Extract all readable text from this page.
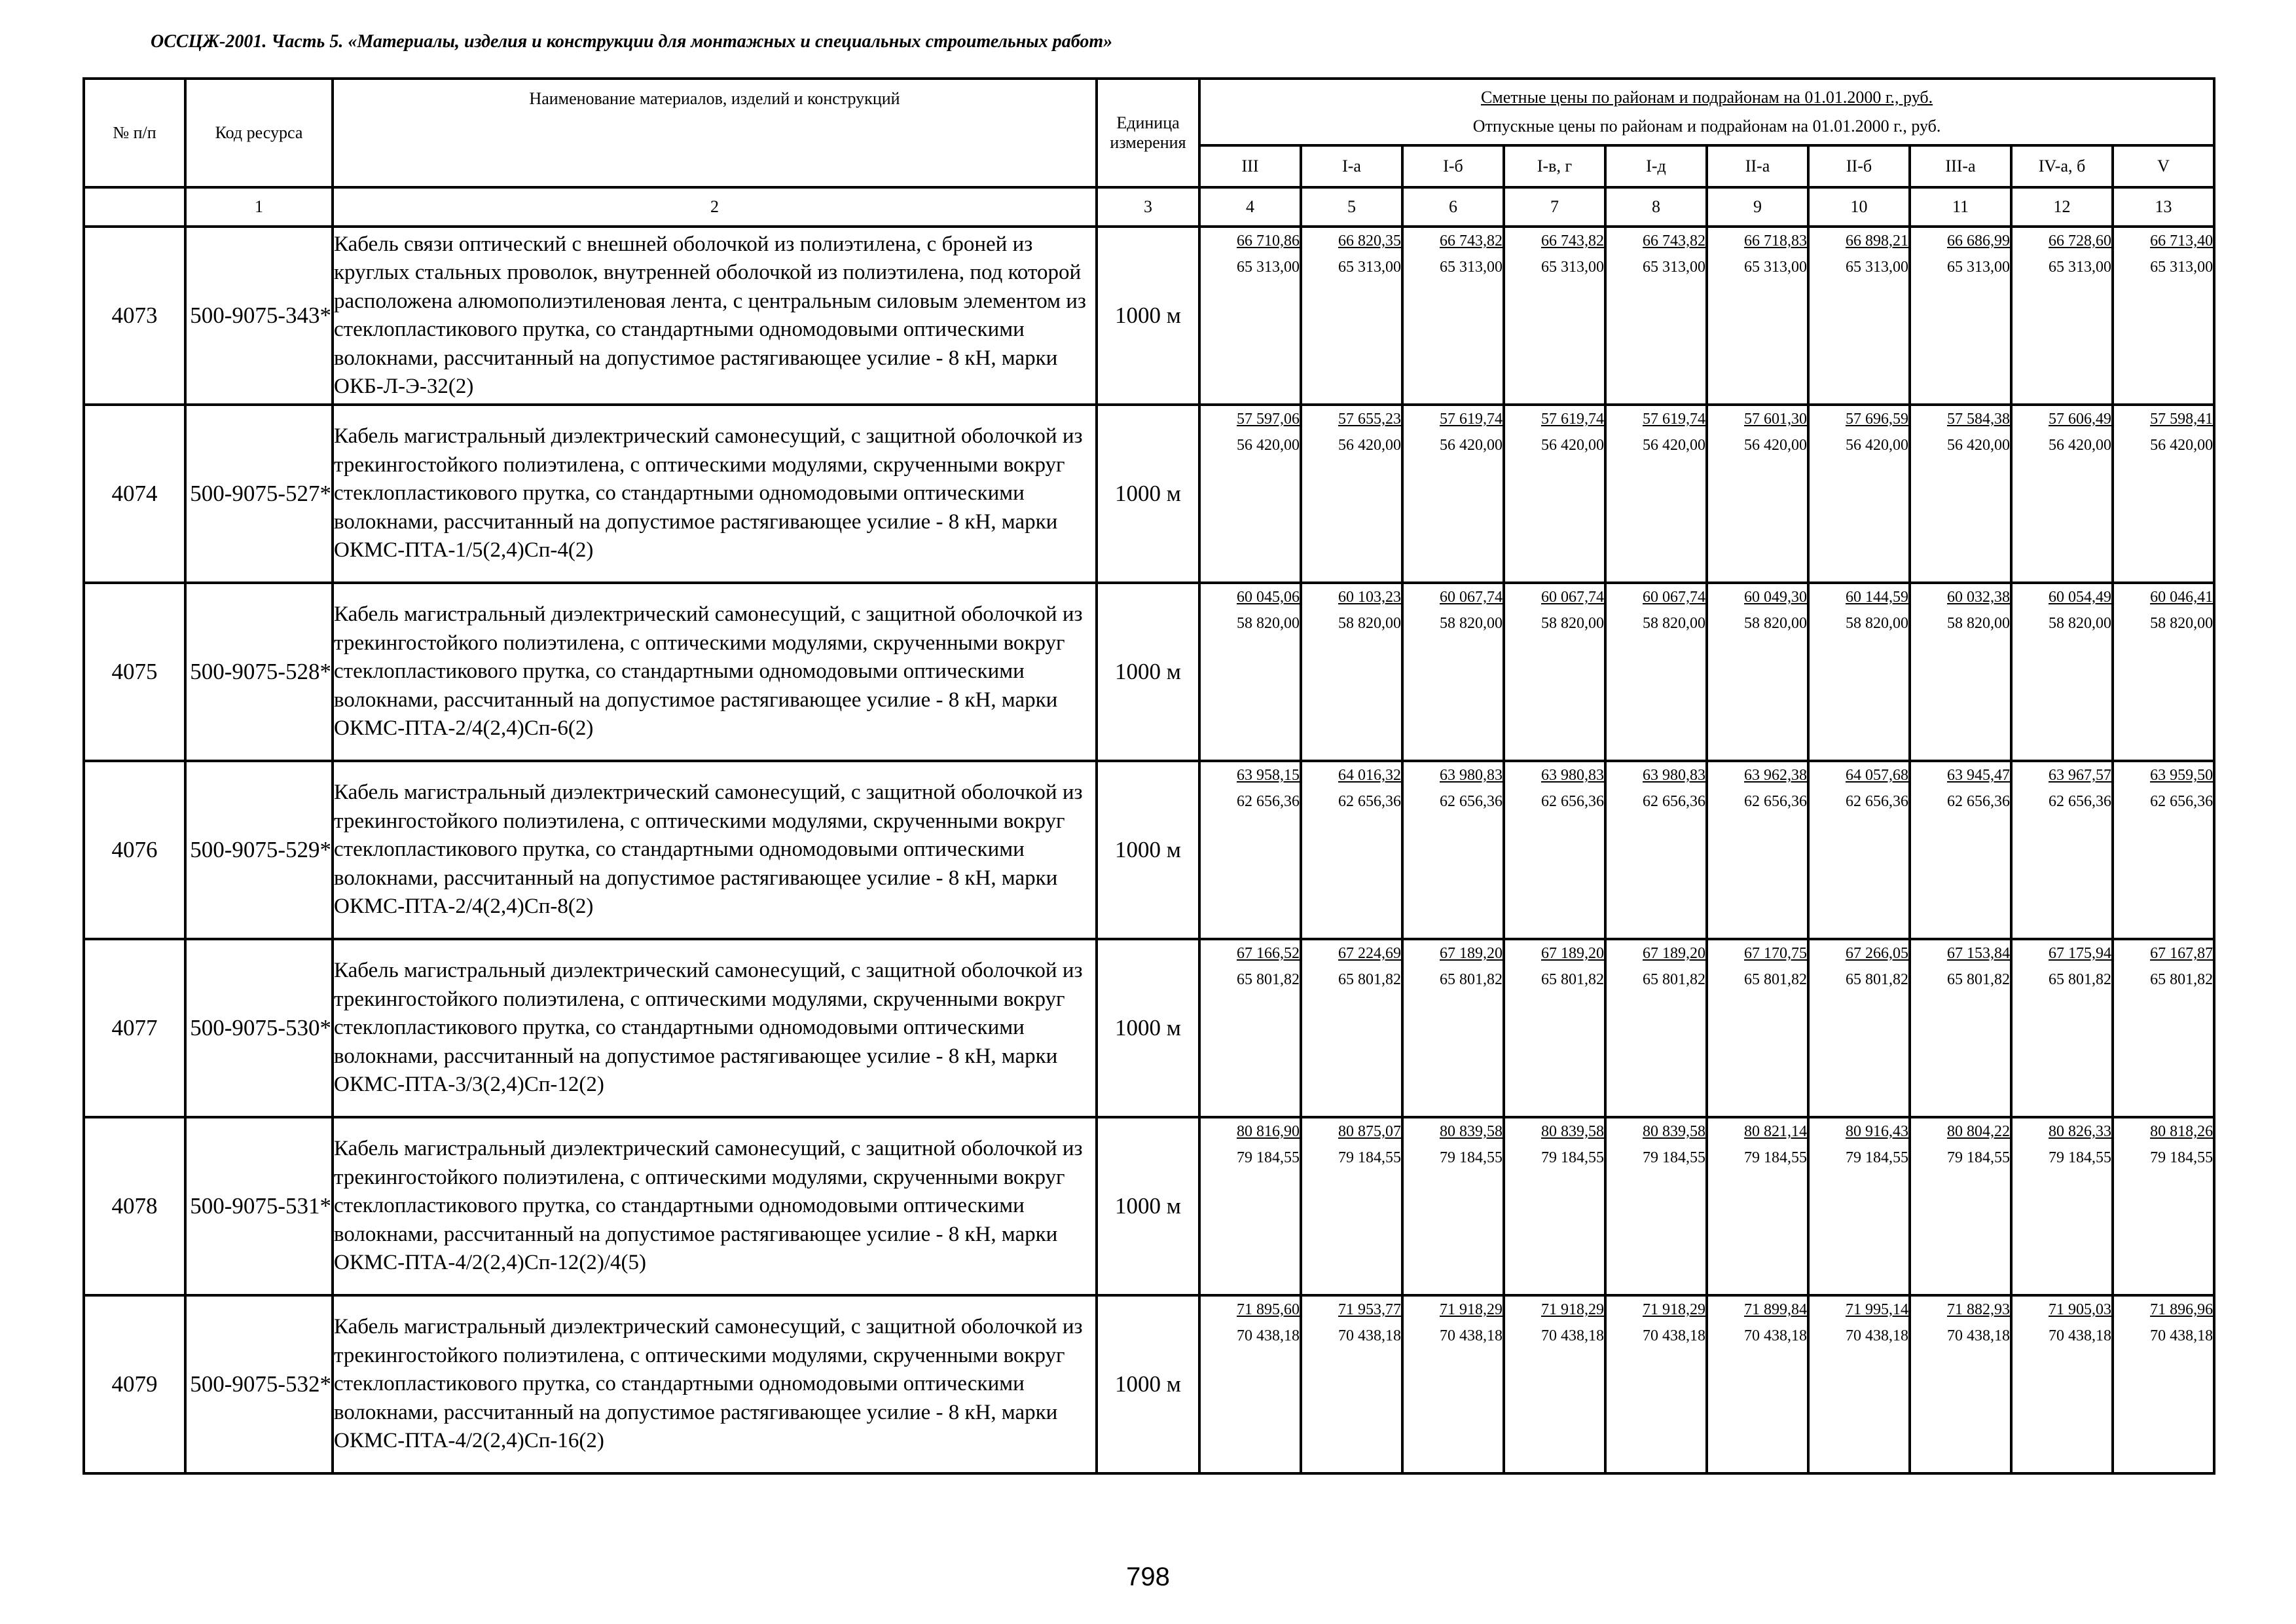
ОССЦЖ-2001. Часть 5. «Материалы, изделия и конструкции для монтажных и специальных строительных работ»
№ п/п	Код ресурса	Наименование материалов, изделий и конструкций	Единица измерения	Сметные цены по районам и подрайонам на 01.01.2000 г., руб.
Отпускные цены по районам и подрайонам на 01.01.2000 г., руб.									

				III	I-а	I-б	I-в, г	I-д	II-а	II-б	III-а	IV-а, б	V
	1	2	3	4	5	6	7	8	9	10	11	12	13
4073	500-9075-343*	Кабель связи оптический с внешней оболочкой из полиэтилена, с броней из круглых стальных проволок, внутренней оболочкой из полиэтилена, под которой расположена алюмополиэтиленовая лента, с центральным силовым элементом из стеклопластикового прутка, со стандартными одномодовыми оптическими волокнами, рассчитанный на допустимое растягивающее усилие - 8 кН, марки ОКБ-Л-Э-32(2)	1000 м	66 710,86
65 313,00	66 820,35
65 313,00	66 743,82
65 313,00	66 743,82
65 313,00	66 743,82
65 313,00	66 718,83
65 313,00	66 898,21
65 313,00	66 686,99
65 313,00	66 728,60
65 313,00	66 713,40
65 313,00

4074	500-9075-527*	Кабель магистральный диэлектрический самонесущий, с защитной оболочкой из трекингостойкого полиэтилена, с оптическими модулями, скрученными вокруг стеклопластикового прутка, со стандартными одномодовыми оптическими волокнами, рассчитанный на допустимое растягивающее усилие - 8 кН, марки ОКМС-ПТА-1/5(2,4)Сп-4(2)	1000 м	57 597,06
56 420,00	57 655,23
56 420,00	57 619,74
56 420,00	57 619,74
56 420,00	57 619,74
56 420,00	57 601,30
56 420,00	57 696,59
56 420,00	57 584,38
56 420,00	57 606,49
56 420,00	57 598,41
56 420,00

4075	500-9075-528*	Кабель магистральный диэлектрический самонесущий, с защитной оболочкой из трекингостойкого полиэтилена, с оптическими модулями, скрученными вокруг стеклопластикового прутка, со стандартными одномодовыми оптическими волокнами, рассчитанный на допустимое растягивающее усилие - 8 кН, марки ОКМС-ПТА-2/4(2,4)Сп-6(2)	1000 м	60 045,06
58 820,00	60 103,23
58 820,00	60 067,74
58 820,00	60 067,74
58 820,00	60 067,74
58 820,00	60 049,30
58 820,00	60 144,59
58 820,00	60 032,38
58 820,00	60 054,49
58 820,00	60 046,41
58 820,00

4076	500-9075-529*	Кабель магистральный диэлектрический самонесущий, с защитной оболочкой из трекингостойкого полиэтилена, с оптическими модулями, скрученными вокруг стеклопластикового прутка, со стандартными одномодовыми оптическими волокнами, рассчитанный на допустимое растягивающее усилие - 8 кН, марки ОКМС-ПТА-2/4(2,4)Сп-8(2)	1000 м	63 958,15
62 656,36	64 016,32
62 656,36	63 980,83
62 656,36	63 980,83
62 656,36	63 980,83
62 656,36	63 962,38
62 656,36	64 057,68
62 656,36	63 945,47
62 656,36	63 967,57
62 656,36	63 959,50
62 656,36

4077	500-9075-530*	Кабель магистральный диэлектрический самонесущий, с защитной оболочкой из трекингостойкого полиэтилена, с оптическими модулями, скрученными вокруг стеклопластикового прутка, со стандартными одномодовыми оптическими волокнами, рассчитанный на допустимое растягивающее усилие - 8 кН, марки ОКМС-ПТА-3/3(2,4)Сп-12(2)	1000 м	67 166,52
65 801,82	67 224,69
65 801,82	67 189,20
65 801,82	67 189,20
65 801,82	67 189,20
65 801,82	67 170,75
65 801,82	67 266,05
65 801,82	67 153,84
65 801,82	67 175,94
65 801,82	67 167,87
65 801,82

4078	500-9075-531*	Кабель магистральный диэлектрический самонесущий, с защитной оболочкой из трекингостойкого полиэтилена, с оптическими модулями, скрученными вокруг стеклопластикового прутка, со стандартными одномодовыми оптическими волокнами, рассчитанный на допустимое растягивающее усилие - 8 кН, марки ОКМС-ПТА-4/2(2,4)Сп-12(2)/4(5)	1000 м	80 816,90
79 184,55	80 875,07
79 184,55	80 839,58
79 184,55	80 839,58
79 184,55	80 839,58
79 184,55	80 821,14
79 184,55	80 916,43
79 184,55	80 804,22
79 184,55	80 826,33
79 184,55	80 818,26
79 184,55

4079	500-9075-532*	Кабель магистральный диэлектрический самонесущий, с защитной оболочкой из трекингостойкого полиэтилена, с оптическими модулями, скрученными вокруг стеклопластикового прутка, со стандартными одномодовыми оптическими волокнами, рассчитанный на допустимое растягивающее усилие - 8 кН, марки ОКМС-ПТА-4/2(2,4)Сп-16(2)	1000 м	71 895,60
70 438,18	71 953,77
70 438,18	71 918,29
70 438,18	71 918,29
70 438,18	71 918,29
70 438,18	71 899,84
70 438,18	71 995,14
70 438,18	71 882,93
70 438,18	71 905,03
70 438,18	71 896,96
70 438,18
798
